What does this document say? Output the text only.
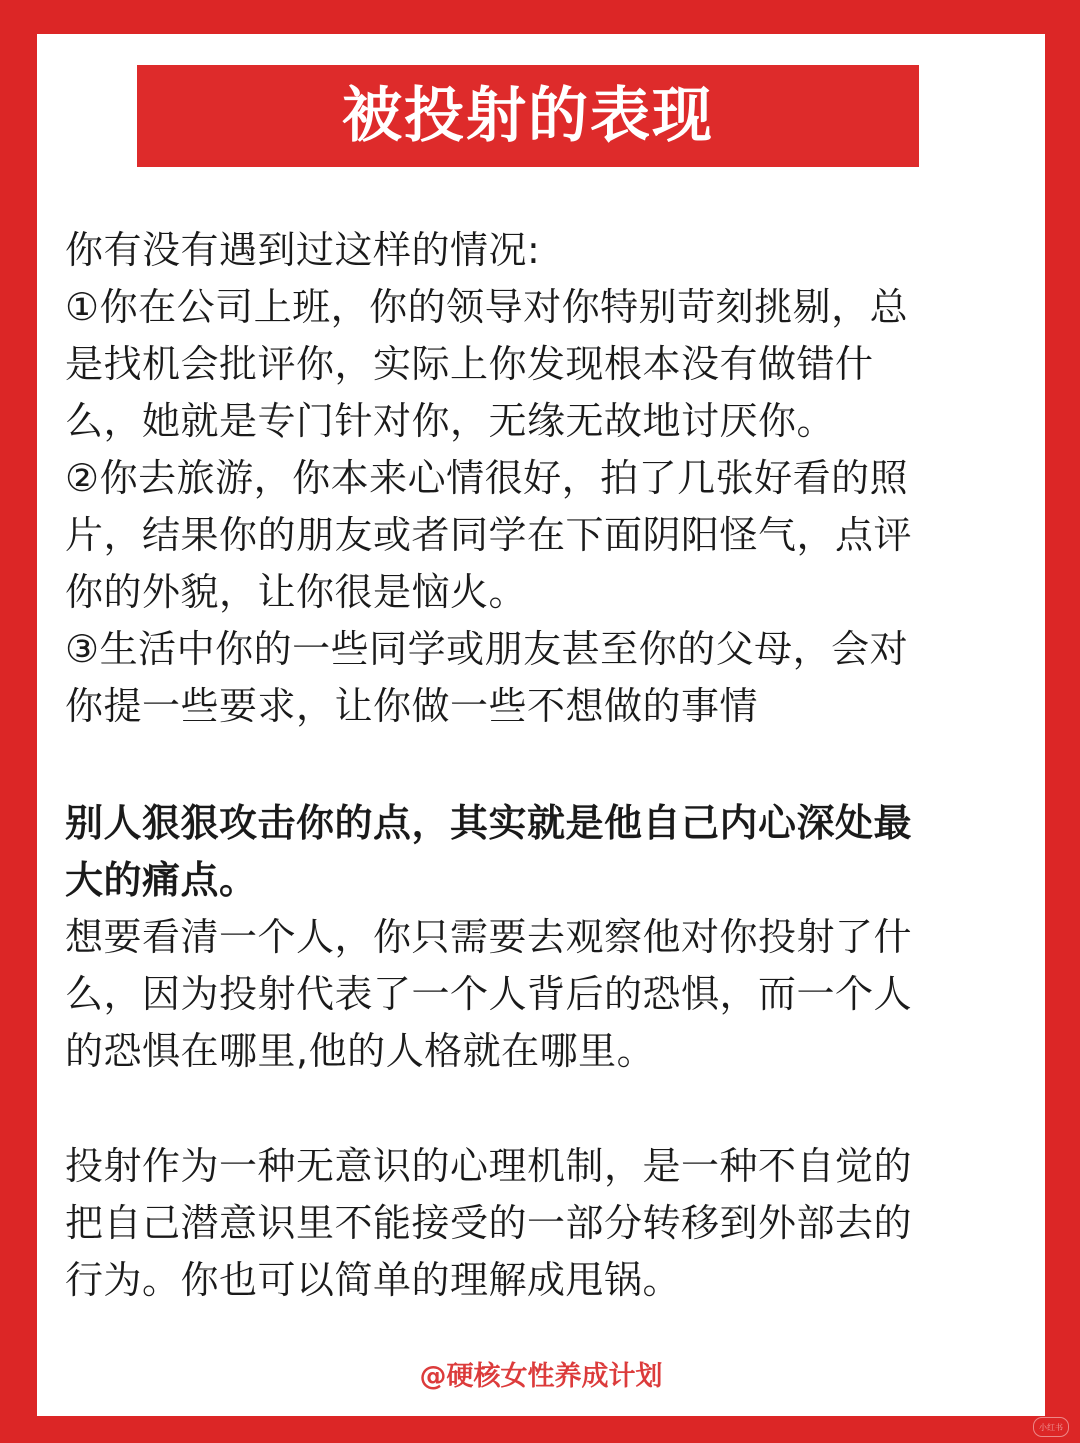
被投射的表现
你有没有遇到过这样的情况:
①你在公司上班，你的领导对你特别苛刻挑剔，总
是找机会批评你，实际上你发现根本没有做错什
么，她就是专门针对你，无缘无故地讨厌你。
②你去旅游，你本来心情很好，拍了几张好看的照
片，结果你的朋友或者同学在下面阴阳怪气，点评
你的外貌，让你很是恼火。
③生活中你的一些同学或朋友甚至你的父母，会对
你提一些要求，让你做一些不想做的事情
别人狠狠攻击你的点，其实就是他自己内心深处最
大的痛点。
想要看清一个人，你只需要去观察他对你投射了什
么，因为投射代表了一个人背后的恐惧，而一个人
的恐惧在哪里,他的人格就在哪里。
投射作为一种无意识的心理机制，是一种不自觉的
把自己潜意识里不能接受的一部分转移到外部去的
行为。你也可以简单的理解成甩锅。
@硬核女性养成计划
小红书
